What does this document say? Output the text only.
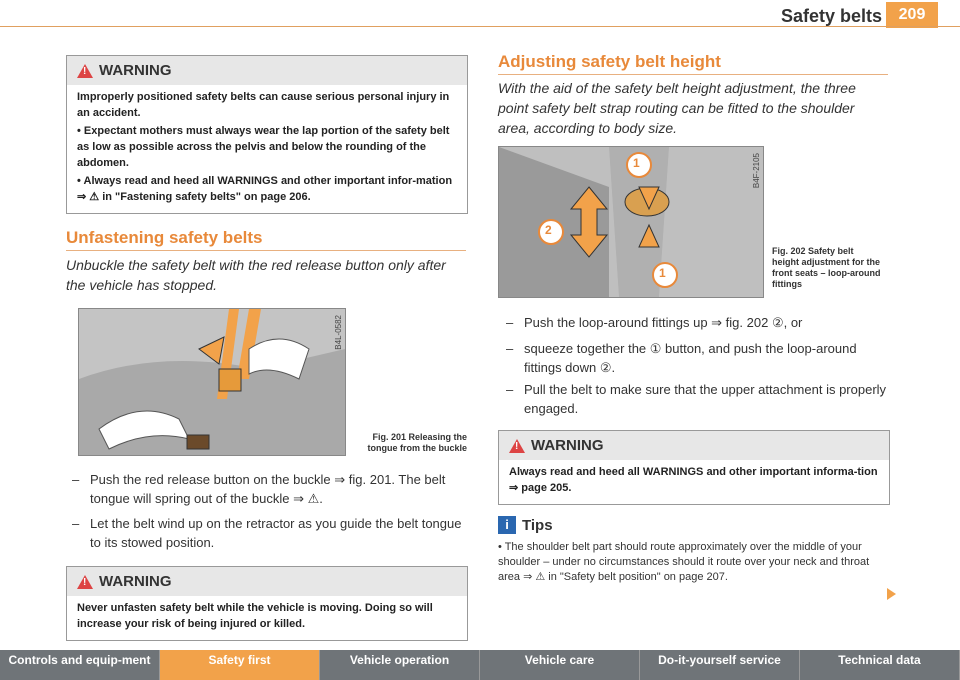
Safety belts	209
!
WARNING

Improperly positioned safety belts can cause serious personal injury in an accident.

• Expectant mothers must always wear the lap portion of the safety belt as low as possible across the pelvis and below the rounding of the abdomen.

• Always read and heed all WARNINGS and other important infor-mation ⇒ ⚠ in "Fastening safety belts" on page 206.

Unfastening safety belts
Unbuckle the safety belt with the red release button only after the vehicle has stopped.
B4L-0582
Fig. 201 Releasing the tongue from the buckle
– Push the red release button on the buckle ⇒ fig. 201. The belt tongue will spring out of the buckle ⇒ ⚠.
– Let the belt wind up on the retractor as you guide the belt tongue to its stowed position.
!
WARNING

Never unfasten safety belt while the vehicle is moving. Doing so will increase your risk of being injured or killed.

Adjusting safety belt height
With the aid of the safety belt height adjustment, the three point safety belt strap routing can be fitted to the shoulder area, according to body size.
1
2
1
B4F-2105
Fig. 202 Safety belt height adjustment for the front seats – loop-around fittings
– Push the loop-around fittings up ⇒ fig. 202 ②, or
– squeeze together the ① button, and push the loop-around fittings down ②.
– Pull the belt to make sure that the upper attachment is properly engaged.
!
WARNING

Always read and heed all WARNINGS and other important informa-tion ⇒ page 205.

i Tips
• The shoulder belt part should route approximately over the middle of your shoulder – under no circumstances should it route over your neck and throat area ⇒ ⚠ in "Safety belt position" on page 207.
Controls and equip-ment	Safety first	Vehicle operation	Vehicle care	Do-it-yourself service	Technical data
